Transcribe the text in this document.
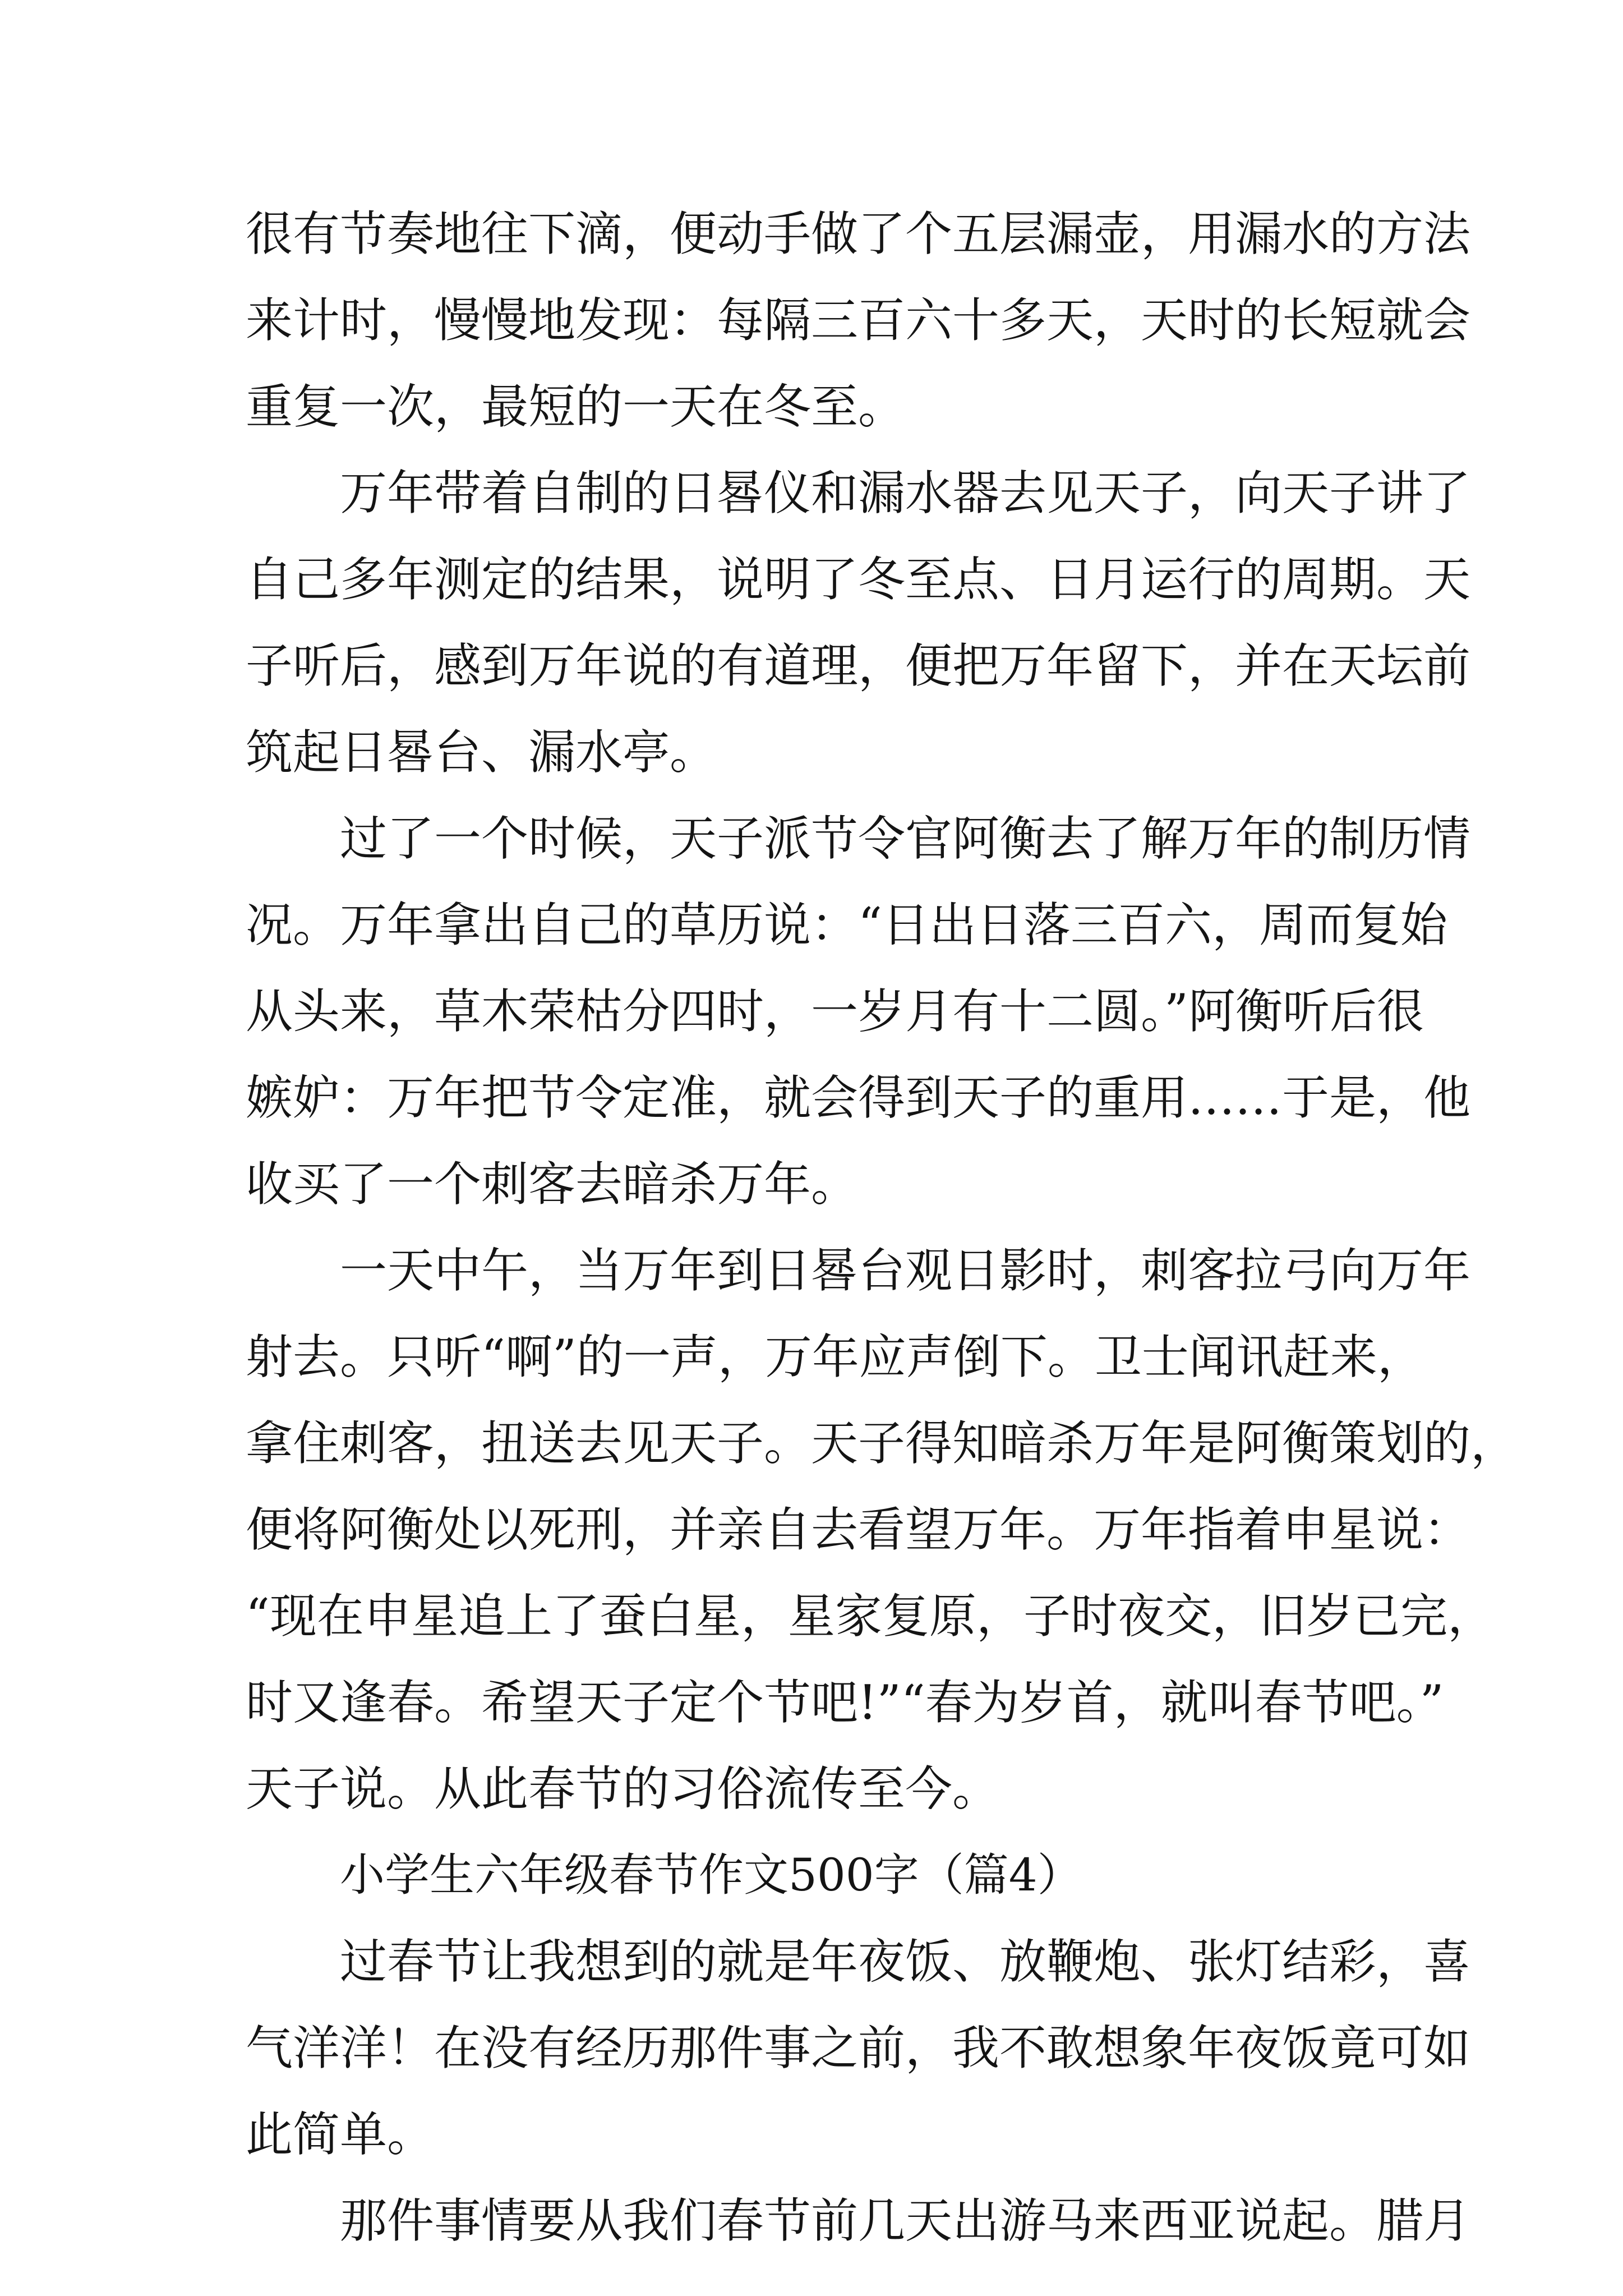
很有节奏地往下滴，便动手做了个五层漏壶，用漏水的方法
来计时，慢慢地发现：每隔三百六十多天，天时的长短就会
重复一次，最短的一天在冬至。
万年带着自制的日晷仪和漏水器去见天子，向天子讲了
自己多年测定的结果，说明了冬至点、日月运行的周期。天
子听后，感到万年说的有道理，便把万年留下，并在天坛前
筑起日晷台、漏水亭。
过了一个时候，天子派节令官阿衡去了解万年的制历情
况。万年拿出自己的草历说：“日出日落三百六，周而复始
从头来，草木荣枯分四时，一岁月有十二圆。”阿衡听后很
嫉妒：万年把节令定准，就会得到天子的重用……于是，他
收买了一个刺客去暗杀万年。
一天中午，当万年到日晷台观日影时，刺客拉弓向万年
射去。只听“啊”的一声，万年应声倒下。卫士闻讯赶来，
拿住刺客，扭送去见天子。天子得知暗杀万年是阿衡策划的，
便将阿衡处以死刑，并亲自去看望万年。万年指着申星说：
“现在申星追上了蚕白星，星家复原，子时夜交，旧岁已完，
时又逢春。希望天子定个节吧!”“春为岁首，就叫春节吧。”
天子说。从此春节的习俗流传至今。
小学生六年级春节作文500字（篇4）
过春节让我想到的就是年夜饭、放鞭炮、张灯结彩，喜
气洋洋！在没有经历那件事之前，我不敢想象年夜饭竟可如
此简单。
那件事情要从我们春节前几天出游马来西亚说起。腊月
